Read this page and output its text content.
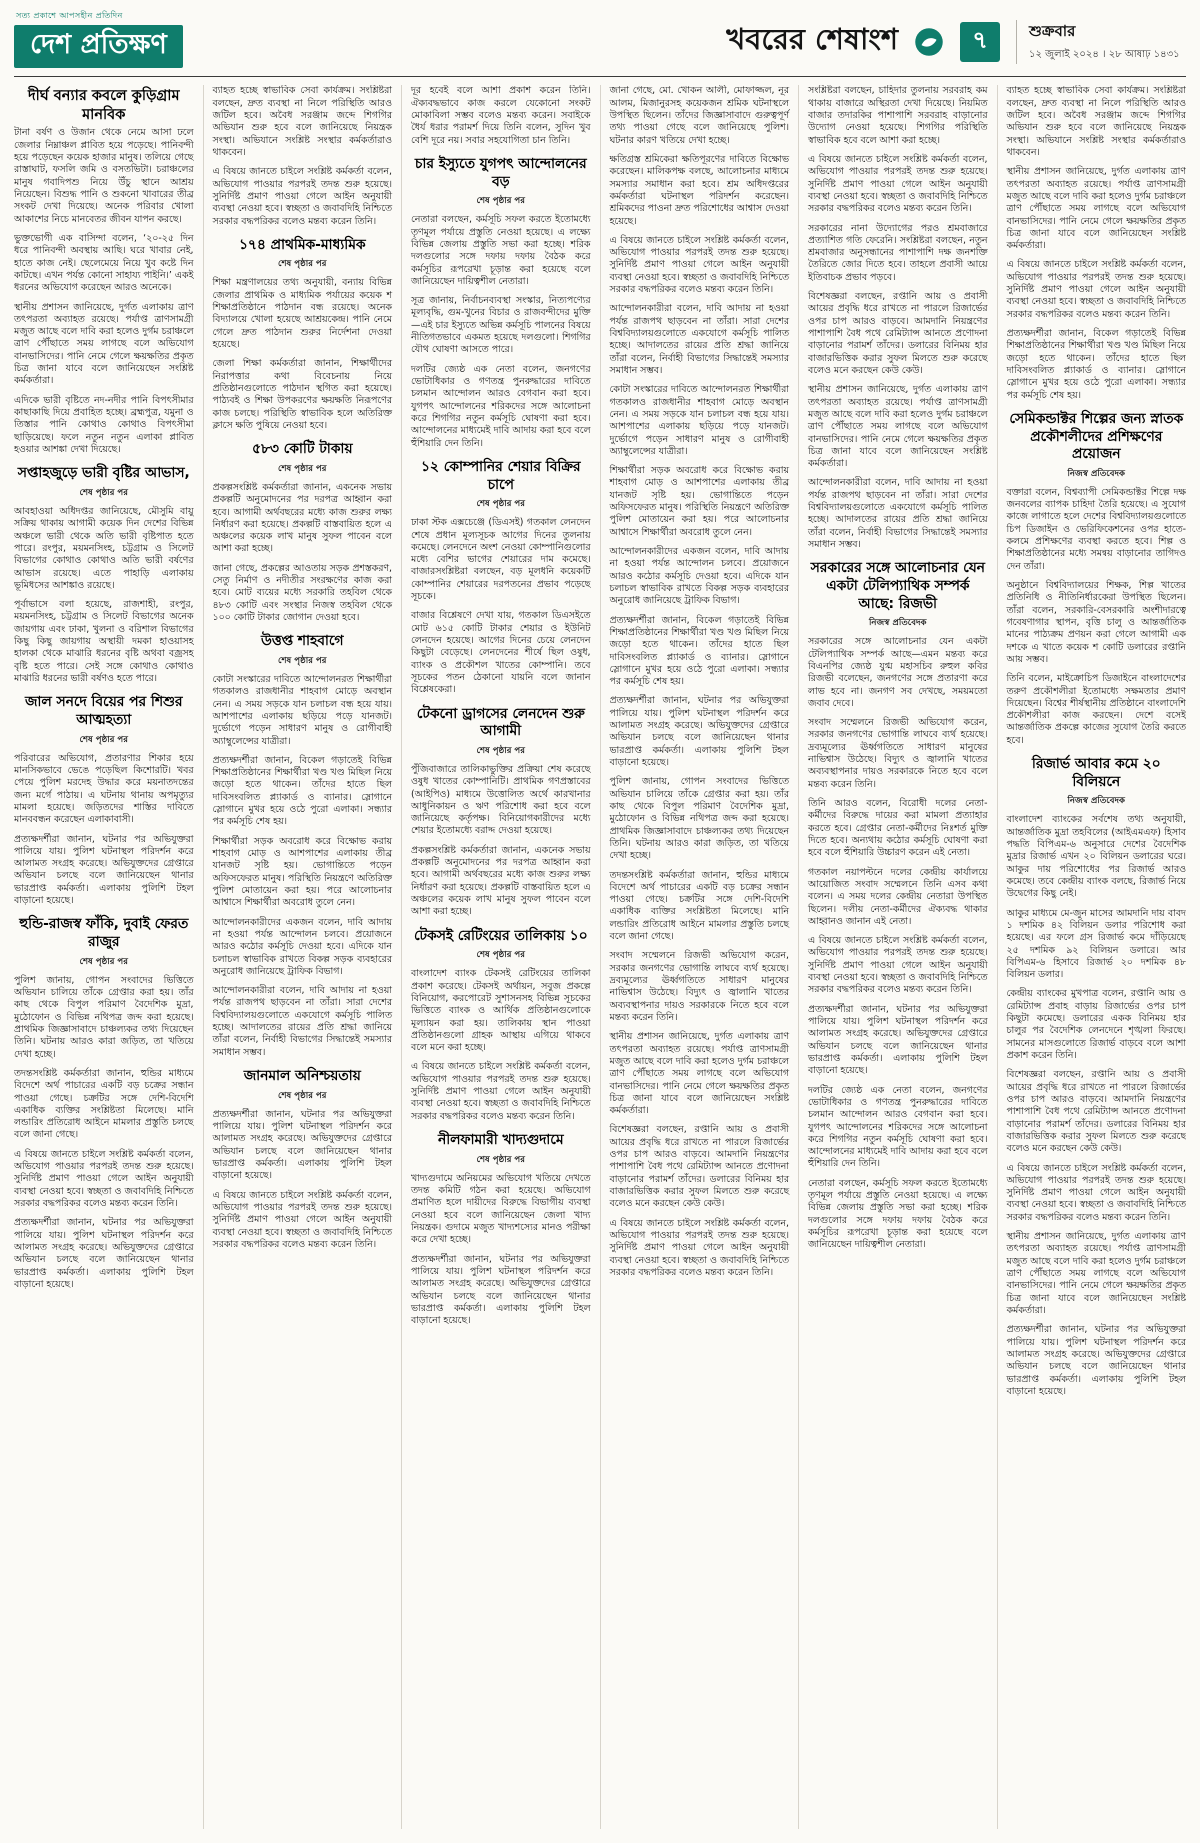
সত্য প্রকাশে আপসহীন প্রতিদিন
দেশ প্রতিক্ষণ	খবরের শেষাংশ	৭	শুক্রবার
১২ জুলাই ২০২৪ । ২৮ আষাঢ় ১৪৩১
দীর্ঘ বন্যার কবলে কুড়িগ্রাম মানবিক
টানা বর্ষণ ও উজান থেকে নেমে আসা ঢলে জেলার নিম্নাঞ্চল প্লাবিত হয়ে পড়েছে। পানিবন্দী হয়ে পড়েছেন কয়েক হাজার মানুষ। তলিয়ে গেছে রাস্তাঘাট, ফসলি জমি ও বসতভিটা। চরাঞ্চলের মানুষ গবাদিপশু নিয়ে উঁচু স্থানে আশ্রয় নিয়েছেন। বিশুদ্ধ পানি ও শুকনো খাবারের তীব্র সংকট দেখা দিয়েছে। অনেক পরিবার খোলা আকাশের নিচে মানবেতর জীবন যাপন করছে।
ভুক্তভোগী এক বাসিন্দা বলেন, ‘২০-২৫ দিন ধরে পানিবন্দী অবস্থায় আছি। ঘরে খাবার নেই, হাতে কাজ নেই। ছেলেমেয়ে নিয়ে খুব কষ্টে দিন কাটছে। এখন পর্যন্ত কোনো সাহায্য পাইনি।’ একই ধরনের অভিযোগ করেছেন আরও অনেকে।
স্থানীয় প্রশাসন জানিয়েছে, দুর্গত এলাকায় ত্রাণ তৎপরতা অব্যাহত রয়েছে। পর্যাপ্ত ত্রাণসামগ্রী মজুত আছে বলে দাবি করা হলেও দুর্গম চরাঞ্চলে ত্রাণ পৌঁছাতে সময় লাগছে বলে অভিযোগ বানভাসিদের। পানি নেমে গেলে ক্ষয়ক্ষতির প্রকৃত চিত্র জানা যাবে বলে জানিয়েছেন সংশ্লিষ্ট কর্মকর্তারা।
এদিকে ভারী বৃষ্টিতে নদ-নদীর পানি বিপৎসীমার কাছাকাছি দিয়ে প্রবাহিত হচ্ছে। ব্রহ্মপুত্র, যমুনা ও তিস্তার পানি কোথাও কোথাও বিপৎসীমা ছাড়িয়েছে। ফলে নতুন নতুন এলাকা প্লাবিত হওয়ার আশঙ্কা দেখা দিয়েছে।
সপ্তাহজুড়ে ভারী বৃষ্টির আভাস,
শেষ পৃষ্ঠার পর
আবহাওয়া অধিদপ্তর জানিয়েছে, মৌসুমি বায়ু সক্রিয় থাকায় আগামী কয়েক দিন দেশের বিভিন্ন অঞ্চলে ভারী থেকে অতি ভারী বৃষ্টিপাত হতে পারে। রংপুর, ময়মনসিংহ, চট্টগ্রাম ও সিলেট বিভাগের কোথাও কোথাও অতি ভারী বর্ষণের আভাস রয়েছে। এতে পাহাড়ি এলাকায় ভূমিধসের আশঙ্কাও রয়েছে।
পূর্বাভাসে বলা হয়েছে, রাজশাহী, রংপুর, ময়মনসিংহ, চট্টগ্রাম ও সিলেট বিভাগের অনেক জায়গায় এবং ঢাকা, খুলনা ও বরিশাল বিভাগের কিছু কিছু জায়গায় অস্থায়ী দমকা হাওয়াসহ হালকা থেকে মাঝারি ধরনের বৃষ্টি অথবা বজ্রসহ বৃষ্টি হতে পারে। সেই সঙ্গে কোথাও কোথাও মাঝারি ধরনের ভারী বর্ষণও হতে পারে।
জাল সনদে বিয়ের পর শিশুর আত্মহত্যা
শেষ পৃষ্ঠার পর
পরিবারের অভিযোগ, প্রতারণার শিকার হয়ে মানসিকভাবে ভেঙে পড়েছিল কিশোরটি। খবর পেয়ে পুলিশ মরদেহ উদ্ধার করে ময়নাতদন্তের জন্য মর্গে পাঠায়। এ ঘটনায় থানায় অপমৃত্যুর মামলা হয়েছে। জড়িতদের শাস্তির দাবিতে মানববন্ধন করেছেন এলাকাবাসী।
প্রত্যক্ষদর্শীরা জানান, ঘটনার পর অভিযুক্তরা পালিয়ে যায়। পুলিশ ঘটনাস্থল পরিদর্শন করে আলামত সংগ্রহ করেছে। অভিযুক্তদের গ্রেপ্তারে অভিযান চলছে বলে জানিয়েছেন থানার ভারপ্রাপ্ত কর্মকর্তা। এলাকায় পুলিশি টহল বাড়ানো হয়েছে।
হুন্ডি-রাজস্ব ফাঁকি, দুবাই ফেরত রাজুর
শেষ পৃষ্ঠার পর
পুলিশ জানায়, গোপন সংবাদের ভিত্তিতে অভিযান চালিয়ে তাঁকে গ্রেপ্তার করা হয়। তাঁর কাছ থেকে বিপুল পরিমাণ বৈদেশিক মুদ্রা, মুঠোফোন ও বিভিন্ন নথিপত্র জব্দ করা হয়েছে। প্রাথমিক জিজ্ঞাসাবাদে চাঞ্চল্যকর তথ্য দিয়েছেন তিনি। ঘটনায় আরও কারা জড়িত, তা খতিয়ে দেখা হচ্ছে।
তদন্তসংশ্লিষ্ট কর্মকর্তারা জানান, হুন্ডির মাধ্যমে বিদেশে অর্থ পাচারের একটি বড় চক্রের সন্ধান পাওয়া গেছে। চক্রটির সঙ্গে দেশি-বিদেশি একাধিক ব্যক্তির সংশ্লিষ্টতা মিলেছে। মানি লন্ডারিং প্রতিরোধ আইনে মামলার প্রস্তুতি চলছে বলে জানা গেছে।
এ বিষয়ে জানতে চাইলে সংশ্লিষ্ট কর্মকর্তা বলেন, অভিযোগ পাওয়ার পরপরই তদন্ত শুরু হয়েছে। সুনির্দিষ্ট প্রমাণ পাওয়া গেলে আইন অনুযায়ী ব্যবস্থা নেওয়া হবে। স্বচ্ছতা ও জবাবদিহি নিশ্চিতে সরকার বদ্ধপরিকর বলেও মন্তব্য করেন তিনি।
প্রত্যক্ষদর্শীরা জানান, ঘটনার পর অভিযুক্তরা পালিয়ে যায়। পুলিশ ঘটনাস্থল পরিদর্শন করে আলামত সংগ্রহ করেছে। অভিযুক্তদের গ্রেপ্তারে অভিযান চলছে বলে জানিয়েছেন থানার ভারপ্রাপ্ত কর্মকর্তা। এলাকায় পুলিশি টহল বাড়ানো হয়েছে।
ব্যাহত হচ্ছে স্বাভাবিক সেবা কার্যক্রম। সংশ্লিষ্টরা বলছেন, দ্রুত ব্যবস্থা না নিলে পরিস্থিতি আরও জটিল হবে। অবৈধ সরঞ্জাম জব্দে শিগগির অভিযান শুরু হবে বলে জানিয়েছে নিয়ন্ত্রক সংস্থা। অভিযানে সংশ্লিষ্ট সংস্থার কর্মকর্তারাও থাকবেন।
এ বিষয়ে জানতে চাইলে সংশ্লিষ্ট কর্মকর্তা বলেন, অভিযোগ পাওয়ার পরপরই তদন্ত শুরু হয়েছে। সুনির্দিষ্ট প্রমাণ পাওয়া গেলে আইন অনুযায়ী ব্যবস্থা নেওয়া হবে। স্বচ্ছতা ও জবাবদিহি নিশ্চিতে সরকার বদ্ধপরিকর বলেও মন্তব্য করেন তিনি।
১৭৪ প্রাথমিক-মাধ্যমিক
শেষ পৃষ্ঠার পর
শিক্ষা মন্ত্রণালয়ের তথ্য অনুযায়ী, বন্যায় বিভিন্ন জেলার প্রাথমিক ও মাধ্যমিক পর্যায়ের কয়েক শ শিক্ষাপ্রতিষ্ঠানে পাঠদান বন্ধ রয়েছে। অনেক বিদ্যালয়ে খোলা হয়েছে আশ্রয়কেন্দ্র। পানি নেমে গেলে দ্রুত পাঠদান শুরুর নির্দেশনা দেওয়া হয়েছে।
জেলা শিক্ষা কর্মকর্তারা জানান, শিক্ষার্থীদের নিরাপত্তার কথা বিবেচনায় নিয়ে প্রতিষ্ঠানগুলোতে পাঠদান স্থগিত করা হয়েছে। পাঠ্যবই ও শিক্ষা উপকরণের ক্ষয়ক্ষতি নিরূপণের কাজ চলছে। পরিস্থিতি স্বাভাবিক হলে অতিরিক্ত ক্লাসে ক্ষতি পুষিয়ে নেওয়া হবে।
৫৮৩ কোটি টাকায়
শেষ পৃষ্ঠার পর
প্রকল্পসংশ্লিষ্ট কর্মকর্তারা জানান, একনেক সভায় প্রকল্পটি অনুমোদনের পর দরপত্র আহ্বান করা হবে। আগামী অর্থবছরের মধ্যে কাজ শুরুর লক্ষ্য নির্ধারণ করা হয়েছে। প্রকল্পটি বাস্তবায়িত হলে এ অঞ্চলের কয়েক লাখ মানুষ সুফল পাবেন বলে আশা করা হচ্ছে।
জানা গেছে, প্রকল্পের আওতায় সড়ক প্রশস্তকরণ, সেতু নির্মাণ ও নদীতীর সংরক্ষণের কাজ করা হবে। মোট ব্যয়ের মধ্যে সরকারি তহবিল থেকে ৪৮৩ কোটি এবং সংস্থার নিজস্ব তহবিল থেকে ১০০ কোটি টাকার জোগান দেওয়া হবে।
উত্তপ্ত শাহবাগে
শেষ পৃষ্ঠার পর
কোটা সংস্কারের দাবিতে আন্দোলনরত শিক্ষার্থীরা গতকালও রাজধানীর শাহবাগ মোড়ে অবস্থান নেন। এ সময় সড়কে যান চলাচল বন্ধ হয়ে যায়। আশপাশের এলাকায় ছড়িয়ে পড়ে যানজট। দুর্ভোগে পড়েন সাধারণ মানুষ ও রোগীবাহী অ্যাম্বুলেন্সের যাত্রীরা।
প্রত্যক্ষদর্শীরা জানান, বিকেল গড়াতেই বিভিন্ন শিক্ষাপ্রতিষ্ঠানের শিক্ষার্থীরা খণ্ড খণ্ড মিছিল নিয়ে জড়ো হতে থাকেন। তাঁদের হাতে ছিল দাবিসংবলিত প্ল্যাকার্ড ও ব্যানার। স্লোগানে স্লোগানে মুখর হয়ে ওঠে পুরো এলাকা। সন্ধ্যার পর কর্মসূচি শেষ হয়।
শিক্ষার্থীরা সড়ক অবরোধ করে বিক্ষোভ করায় শাহবাগ মোড় ও আশপাশের এলাকায় তীব্র যানজট সৃষ্টি হয়। ভোগান্তিতে পড়েন অফিসফেরত মানুষ। পরিস্থিতি নিয়ন্ত্রণে অতিরিক্ত পুলিশ মোতায়েন করা হয়। পরে আলোচনার আশ্বাসে শিক্ষার্থীরা অবরোধ তুলে নেন।
আন্দোলনকারীদের একজন বলেন, দাবি আদায় না হওয়া পর্যন্ত আন্দোলন চলবে। প্রয়োজনে আরও কঠোর কর্মসূচি দেওয়া হবে। এদিকে যান চলাচল স্বাভাবিক রাখতে বিকল্প সড়ক ব্যবহারের অনুরোধ জানিয়েছে ট্রাফিক বিভাগ।
আন্দোলনকারীরা বলেন, দাবি আদায় না হওয়া পর্যন্ত রাজপথ ছাড়বেন না তাঁরা। সারা দেশের বিশ্ববিদ্যালয়গুলোতে একযোগে কর্মসূচি পালিত হচ্ছে। আদালতের রায়ের প্রতি শ্রদ্ধা জানিয়ে তাঁরা বলেন, নির্বাহী বিভাগের সিদ্ধান্তেই সমস্যার সমাধান সম্ভব।
জানমাল অনিশ্চয়তায়
শেষ পৃষ্ঠার পর
প্রত্যক্ষদর্শীরা জানান, ঘটনার পর অভিযুক্তরা পালিয়ে যায়। পুলিশ ঘটনাস্থল পরিদর্শন করে আলামত সংগ্রহ করেছে। অভিযুক্তদের গ্রেপ্তারে অভিযান চলছে বলে জানিয়েছেন থানার ভারপ্রাপ্ত কর্মকর্তা। এলাকায় পুলিশি টহল বাড়ানো হয়েছে।
এ বিষয়ে জানতে চাইলে সংশ্লিষ্ট কর্মকর্তা বলেন, অভিযোগ পাওয়ার পরপরই তদন্ত শুরু হয়েছে। সুনির্দিষ্ট প্রমাণ পাওয়া গেলে আইন অনুযায়ী ব্যবস্থা নেওয়া হবে। স্বচ্ছতা ও জবাবদিহি নিশ্চিতে সরকার বদ্ধপরিকর বলেও মন্তব্য করেন তিনি।
দূর হবেই বলে আশা প্রকাশ করেন তিনি। ঐক্যবদ্ধভাবে কাজ করলে যেকোনো সংকট মোকাবিলা সম্ভব বলেও মন্তব্য করেন। সবাইকে ধৈর্য ধরার পরামর্শ দিয়ে তিনি বলেন, সুদিন খুব বেশি দূরে নয়। সবার সহযোগিতা চান তিনি।
চার ইস্যুতে যুগপৎ আন্দোলনের বড়
শেষ পৃষ্ঠার পর
নেতারা বলছেন, কর্মসূচি সফল করতে ইতোমধ্যে তৃণমূল পর্যায়ে প্রস্তুতি নেওয়া হয়েছে। এ লক্ষ্যে বিভিন্ন জেলায় প্রস্তুতি সভা করা হচ্ছে। শরিক দলগুলোর সঙ্গে দফায় দফায় বৈঠক করে কর্মসূচির রূপরেখা চূড়ান্ত করা হয়েছে বলে জানিয়েছেন দায়িত্বশীল নেতারা।
সূত্র জানায়, নির্বাচনব্যবস্থা সংস্কার, নিত্যপণ্যের মূল্যবৃদ্ধি, গুম-খুনের বিচার ও রাজবন্দীদের মুক্তি—এই চার ইস্যুতে অভিন্ন কর্মসূচি পালনের বিষয়ে নীতিগতভাবে একমত হয়েছে দলগুলো। শিগগির যৌথ ঘোষণা আসতে পারে।
দলটির জ্যেষ্ঠ এক নেতা বলেন, জনগণের ভোটাধিকার ও গণতন্ত্র পুনরুদ্ধারের দাবিতে চলমান আন্দোলন আরও বেগবান করা হবে। যুগপৎ আন্দোলনের শরিকদের সঙ্গে আলোচনা করে শিগগির নতুন কর্মসূচি ঘোষণা করা হবে। আন্দোলনের মাধ্যমেই দাবি আদায় করা হবে বলে হুঁশিয়ারি দেন তিনি।
১২ কোম্পানির শেয়ার বিক্রির চাপে
শেষ পৃষ্ঠার পর
ঢাকা স্টক এক্সচেঞ্জে (ডিএসই) গতকাল লেনদেন শেষে প্রধান মূল্যসূচক আগের দিনের তুলনায় কমেছে। লেনদেনে অংশ নেওয়া কোম্পানিগুলোর মধ্যে বেশির ভাগের শেয়ারের দাম কমেছে। বাজারসংশ্লিষ্টরা বলছেন, বড় মূলধনি কয়েকটি কোম্পানির শেয়ারের দরপতনের প্রভাব পড়েছে সূচকে।
বাজার বিশ্লেষণে দেখা যায়, গতকাল ডিএসইতে মোট ৬১৫ কোটি টাকার শেয়ার ও ইউনিট লেনদেন হয়েছে। আগের দিনের চেয়ে লেনদেন কিছুটা বেড়েছে। লেনদেনের শীর্ষে ছিল ওষুধ, ব্যাংক ও প্রকৌশল খাতের কোম্পানি। তবে সূচকের পতন ঠেকানো যায়নি বলে জানান বিশ্লেষকেরা।
টেকনো ড্রাগসের লেনদেন শুরু আগামী
শেষ পৃষ্ঠার পর
পুঁজিবাজারে তালিকাভুক্তির প্রক্রিয়া শেষ করেছে ওষুধ খাতের কোম্পানিটি। প্রাথমিক গণপ্রস্তাবের (আইপিও) মাধ্যমে উত্তোলিত অর্থে কারখানার আধুনিকায়ন ও ঋণ পরিশোধ করা হবে বলে জানিয়েছে কর্তৃপক্ষ। বিনিয়োগকারীদের মধ্যে শেয়ার ইতোমধ্যে বরাদ্দ দেওয়া হয়েছে।
প্রকল্পসংশ্লিষ্ট কর্মকর্তারা জানান, একনেক সভায় প্রকল্পটি অনুমোদনের পর দরপত্র আহ্বান করা হবে। আগামী অর্থবছরের মধ্যে কাজ শুরুর লক্ষ্য নির্ধারণ করা হয়েছে। প্রকল্পটি বাস্তবায়িত হলে এ অঞ্চলের কয়েক লাখ মানুষ সুফল পাবেন বলে আশা করা হচ্ছে।
টেকসই রেটিংয়ের তালিকায় ১০
শেষ পৃষ্ঠার পর
বাংলাদেশ ব্যাংক টেকসই রেটিংয়ের তালিকা প্রকাশ করেছে। টেকসই অর্থায়ন, সবুজ প্রকল্পে বিনিয়োগ, করপোরেট সুশাসনসহ বিভিন্ন সূচকের ভিত্তিতে ব্যাংক ও আর্থিক প্রতিষ্ঠানগুলোকে মূল্যায়ন করা হয়। তালিকায় স্থান পাওয়া প্রতিষ্ঠানগুলো গ্রাহক আস্থায় এগিয়ে থাকবে বলে মনে করা হচ্ছে।
এ বিষয়ে জানতে চাইলে সংশ্লিষ্ট কর্মকর্তা বলেন, অভিযোগ পাওয়ার পরপরই তদন্ত শুরু হয়েছে। সুনির্দিষ্ট প্রমাণ পাওয়া গেলে আইন অনুযায়ী ব্যবস্থা নেওয়া হবে। স্বচ্ছতা ও জবাবদিহি নিশ্চিতে সরকার বদ্ধপরিকর বলেও মন্তব্য করেন তিনি।
নীলফামারী খাদ্যগুদামে
শেষ পৃষ্ঠার পর
খাদ্যগুদামে অনিয়মের অভিযোগ খতিয়ে দেখতে তদন্ত কমিটি গঠন করা হয়েছে। অভিযোগ প্রমাণিত হলে দায়ীদের বিরুদ্ধে বিভাগীয় ব্যবস্থা নেওয়া হবে বলে জানিয়েছেন জেলা খাদ্য নিয়ন্ত্রক। গুদামে মজুত খাদ্যশস্যের মানও পরীক্ষা করে দেখা হচ্ছে।
প্রত্যক্ষদর্শীরা জানান, ঘটনার পর অভিযুক্তরা পালিয়ে যায়। পুলিশ ঘটনাস্থল পরিদর্শন করে আলামত সংগ্রহ করেছে। অভিযুক্তদের গ্রেপ্তারে অভিযান চলছে বলে জানিয়েছেন থানার ভারপ্রাপ্ত কর্মকর্তা। এলাকায় পুলিশি টহল বাড়ানো হয়েছে।
জানা গেছে, মো. খোকন আলী, মোফাজ্জল, নূর আলম, মিজানুরসহ কয়েকজন শ্রমিক ঘটনাস্থলে উপস্থিত ছিলেন। তাঁদের জিজ্ঞাসাবাদে গুরুত্বপূর্ণ তথ্য পাওয়া গেছে বলে জানিয়েছে পুলিশ। ঘটনার কারণ খতিয়ে দেখা হচ্ছে।
ক্ষতিগ্রস্ত শ্রমিকেরা ক্ষতিপূরণের দাবিতে বিক্ষোভ করেছেন। মালিকপক্ষ বলছে, আলোচনার মাধ্যমে সমস্যার সমাধান করা হবে। শ্রম অধিদপ্তরের কর্মকর্তারা ঘটনাস্থল পরিদর্শন করেছেন। শ্রমিকদের পাওনা দ্রুত পরিশোধের আশ্বাস দেওয়া হয়েছে।
এ বিষয়ে জানতে চাইলে সংশ্লিষ্ট কর্মকর্তা বলেন, অভিযোগ পাওয়ার পরপরই তদন্ত শুরু হয়েছে। সুনির্দিষ্ট প্রমাণ পাওয়া গেলে আইন অনুযায়ী ব্যবস্থা নেওয়া হবে। স্বচ্ছতা ও জবাবদিহি নিশ্চিতে সরকার বদ্ধপরিকর বলেও মন্তব্য করেন তিনি।
আন্দোলনকারীরা বলেন, দাবি আদায় না হওয়া পর্যন্ত রাজপথ ছাড়বেন না তাঁরা। সারা দেশের বিশ্ববিদ্যালয়গুলোতে একযোগে কর্মসূচি পালিত হচ্ছে। আদালতের রায়ের প্রতি শ্রদ্ধা জানিয়ে তাঁরা বলেন, নির্বাহী বিভাগের সিদ্ধান্তেই সমস্যার সমাধান সম্ভব।
কোটা সংস্কারের দাবিতে আন্দোলনরত শিক্ষার্থীরা গতকালও রাজধানীর শাহবাগ মোড়ে অবস্থান নেন। এ সময় সড়কে যান চলাচল বন্ধ হয়ে যায়। আশপাশের এলাকায় ছড়িয়ে পড়ে যানজট। দুর্ভোগে পড়েন সাধারণ মানুষ ও রোগীবাহী অ্যাম্বুলেন্সের যাত্রীরা।
শিক্ষার্থীরা সড়ক অবরোধ করে বিক্ষোভ করায় শাহবাগ মোড় ও আশপাশের এলাকায় তীব্র যানজট সৃষ্টি হয়। ভোগান্তিতে পড়েন অফিসফেরত মানুষ। পরিস্থিতি নিয়ন্ত্রণে অতিরিক্ত পুলিশ মোতায়েন করা হয়। পরে আলোচনার আশ্বাসে শিক্ষার্থীরা অবরোধ তুলে নেন।
আন্দোলনকারীদের একজন বলেন, দাবি আদায় না হওয়া পর্যন্ত আন্দোলন চলবে। প্রয়োজনে আরও কঠোর কর্মসূচি দেওয়া হবে। এদিকে যান চলাচল স্বাভাবিক রাখতে বিকল্প সড়ক ব্যবহারের অনুরোধ জানিয়েছে ট্রাফিক বিভাগ।
প্রত্যক্ষদর্শীরা জানান, বিকেল গড়াতেই বিভিন্ন শিক্ষাপ্রতিষ্ঠানের শিক্ষার্থীরা খণ্ড খণ্ড মিছিল নিয়ে জড়ো হতে থাকেন। তাঁদের হাতে ছিল দাবিসংবলিত প্ল্যাকার্ড ও ব্যানার। স্লোগানে স্লোগানে মুখর হয়ে ওঠে পুরো এলাকা। সন্ধ্যার পর কর্মসূচি শেষ হয়।
প্রত্যক্ষদর্শীরা জানান, ঘটনার পর অভিযুক্তরা পালিয়ে যায়। পুলিশ ঘটনাস্থল পরিদর্শন করে আলামত সংগ্রহ করেছে। অভিযুক্তদের গ্রেপ্তারে অভিযান চলছে বলে জানিয়েছেন থানার ভারপ্রাপ্ত কর্মকর্তা। এলাকায় পুলিশি টহল বাড়ানো হয়েছে।
পুলিশ জানায়, গোপন সংবাদের ভিত্তিতে অভিযান চালিয়ে তাঁকে গ্রেপ্তার করা হয়। তাঁর কাছ থেকে বিপুল পরিমাণ বৈদেশিক মুদ্রা, মুঠোফোন ও বিভিন্ন নথিপত্র জব্দ করা হয়েছে। প্রাথমিক জিজ্ঞাসাবাদে চাঞ্চল্যকর তথ্য দিয়েছেন তিনি। ঘটনায় আরও কারা জড়িত, তা খতিয়ে দেখা হচ্ছে।
তদন্তসংশ্লিষ্ট কর্মকর্তারা জানান, হুন্ডির মাধ্যমে বিদেশে অর্থ পাচারের একটি বড় চক্রের সন্ধান পাওয়া গেছে। চক্রটির সঙ্গে দেশি-বিদেশি একাধিক ব্যক্তির সংশ্লিষ্টতা মিলেছে। মানি লন্ডারিং প্রতিরোধ আইনে মামলার প্রস্তুতি চলছে বলে জানা গেছে।
সংবাদ সম্মেলনে রিজভী অভিযোগ করেন, সরকার জনগণের ভোগান্তি লাঘবে ব্যর্থ হয়েছে। দ্রব্যমূল্যের ঊর্ধ্বগতিতে সাধারণ মানুষের নাভিশ্বাস উঠেছে। বিদ্যুৎ ও জ্বালানি খাতের অব্যবস্থাপনার দায়ও সরকারকে নিতে হবে বলে মন্তব্য করেন তিনি।
স্থানীয় প্রশাসন জানিয়েছে, দুর্গত এলাকায় ত্রাণ তৎপরতা অব্যাহত রয়েছে। পর্যাপ্ত ত্রাণসামগ্রী মজুত আছে বলে দাবি করা হলেও দুর্গম চরাঞ্চলে ত্রাণ পৌঁছাতে সময় লাগছে বলে অভিযোগ বানভাসিদের। পানি নেমে গেলে ক্ষয়ক্ষতির প্রকৃত চিত্র জানা যাবে বলে জানিয়েছেন সংশ্লিষ্ট কর্মকর্তারা।
বিশেষজ্ঞরা বলছেন, রপ্তানি আয় ও প্রবাসী আয়ের প্রবৃদ্ধি ধরে রাখতে না পারলে রিজার্ভের ওপর চাপ আরও বাড়বে। আমদানি নিয়ন্ত্রণের পাশাপাশি বৈধ পথে রেমিট্যান্স আনতে প্রণোদনা বাড়ানোর পরামর্শ তাঁদের। ডলারের বিনিময় হার বাজারভিত্তিক করার সুফল মিলতে শুরু করেছে বলেও মনে করছেন কেউ কেউ।
এ বিষয়ে জানতে চাইলে সংশ্লিষ্ট কর্মকর্তা বলেন, অভিযোগ পাওয়ার পরপরই তদন্ত শুরু হয়েছে। সুনির্দিষ্ট প্রমাণ পাওয়া গেলে আইন অনুযায়ী ব্যবস্থা নেওয়া হবে। স্বচ্ছতা ও জবাবদিহি নিশ্চিতে সরকার বদ্ধপরিকর বলেও মন্তব্য করেন তিনি।
সংশ্লিষ্টরা বলছেন, চাহিদার তুলনায় সরবরাহ কম থাকায় বাজারে অস্থিরতা দেখা দিয়েছে। নিয়মিত বাজার তদারকির পাশাপাশি সরবরাহ বাড়ানোর উদ্যোগ নেওয়া হয়েছে। শিগগির পরিস্থিতি স্বাভাবিক হবে বলে আশা করা হচ্ছে।
এ বিষয়ে জানতে চাইলে সংশ্লিষ্ট কর্মকর্তা বলেন, অভিযোগ পাওয়ার পরপরই তদন্ত শুরু হয়েছে। সুনির্দিষ্ট প্রমাণ পাওয়া গেলে আইন অনুযায়ী ব্যবস্থা নেওয়া হবে। স্বচ্ছতা ও জবাবদিহি নিশ্চিতে সরকার বদ্ধপরিকর বলেও মন্তব্য করেন তিনি।
সরকারের নানা উদ্যোগের পরও শ্রমবাজারে প্রত্যাশিত গতি ফেরেনি। সংশ্লিষ্টরা বলছেন, নতুন শ্রমবাজার অনুসন্ধানের পাশাপাশি দক্ষ জনশক্তি তৈরিতে জোর দিতে হবে। তাহলে প্রবাসী আয়ে ইতিবাচক প্রভাব পড়বে।
বিশেষজ্ঞরা বলছেন, রপ্তানি আয় ও প্রবাসী আয়ের প্রবৃদ্ধি ধরে রাখতে না পারলে রিজার্ভের ওপর চাপ আরও বাড়বে। আমদানি নিয়ন্ত্রণের পাশাপাশি বৈধ পথে রেমিট্যান্স আনতে প্রণোদনা বাড়ানোর পরামর্শ তাঁদের। ডলারের বিনিময় হার বাজারভিত্তিক করার সুফল মিলতে শুরু করেছে বলেও মনে করছেন কেউ কেউ।
স্থানীয় প্রশাসন জানিয়েছে, দুর্গত এলাকায় ত্রাণ তৎপরতা অব্যাহত রয়েছে। পর্যাপ্ত ত্রাণসামগ্রী মজুত আছে বলে দাবি করা হলেও দুর্গম চরাঞ্চলে ত্রাণ পৌঁছাতে সময় লাগছে বলে অভিযোগ বানভাসিদের। পানি নেমে গেলে ক্ষয়ক্ষতির প্রকৃত চিত্র জানা যাবে বলে জানিয়েছেন সংশ্লিষ্ট কর্মকর্তারা।
আন্দোলনকারীরা বলেন, দাবি আদায় না হওয়া পর্যন্ত রাজপথ ছাড়বেন না তাঁরা। সারা দেশের বিশ্ববিদ্যালয়গুলোতে একযোগে কর্মসূচি পালিত হচ্ছে। আদালতের রায়ের প্রতি শ্রদ্ধা জানিয়ে তাঁরা বলেন, নির্বাহী বিভাগের সিদ্ধান্তেই সমস্যার সমাধান সম্ভব।
সরকারের সঙ্গে আলোচনার যেন একটা টেলিপ্যাথিক সম্পর্ক আছে: রিজভী
নিজস্ব প্রতিবেদক
সরকারের সঙ্গে আলোচনার যেন একটা টেলিপ্যাথিক সম্পর্ক আছে—এমন মন্তব্য করে বিএনপির জ্যেষ্ঠ যুগ্ম মহাসচিব রুহুল কবির রিজভী বলেছেন, জনগণের সঙ্গে প্রতারণা করে লাভ হবে না। জনগণ সব দেখছে, সময়মতো জবাব দেবে।
সংবাদ সম্মেলনে রিজভী অভিযোগ করেন, সরকার জনগণের ভোগান্তি লাঘবে ব্যর্থ হয়েছে। দ্রব্যমূল্যের ঊর্ধ্বগতিতে সাধারণ মানুষের নাভিশ্বাস উঠেছে। বিদ্যুৎ ও জ্বালানি খাতের অব্যবস্থাপনার দায়ও সরকারকে নিতে হবে বলে মন্তব্য করেন তিনি।
তিনি আরও বলেন, বিরোধী দলের নেতা-কর্মীদের বিরুদ্ধে দায়ের করা মামলা প্রত্যাহার করতে হবে। গ্রেপ্তার নেতা-কর্মীদের নিঃশর্ত মুক্তি দিতে হবে। অন্যথায় কঠোর কর্মসূচি ঘোষণা করা হবে বলে হুঁশিয়ারি উচ্চারণ করেন এই নেতা।
গতকাল নয়াপল্টনে দলের কেন্দ্রীয় কার্যালয়ে আয়োজিত সংবাদ সম্মেলনে তিনি এসব কথা বলেন। এ সময় দলের কেন্দ্রীয় নেতারা উপস্থিত ছিলেন। দলীয় নেতা-কর্মীদের ঐক্যবদ্ধ থাকার আহ্বানও জানান এই নেতা।
এ বিষয়ে জানতে চাইলে সংশ্লিষ্ট কর্মকর্তা বলেন, অভিযোগ পাওয়ার পরপরই তদন্ত শুরু হয়েছে। সুনির্দিষ্ট প্রমাণ পাওয়া গেলে আইন অনুযায়ী ব্যবস্থা নেওয়া হবে। স্বচ্ছতা ও জবাবদিহি নিশ্চিতে সরকার বদ্ধপরিকর বলেও মন্তব্য করেন তিনি।
প্রত্যক্ষদর্শীরা জানান, ঘটনার পর অভিযুক্তরা পালিয়ে যায়। পুলিশ ঘটনাস্থল পরিদর্শন করে আলামত সংগ্রহ করেছে। অভিযুক্তদের গ্রেপ্তারে অভিযান চলছে বলে জানিয়েছেন থানার ভারপ্রাপ্ত কর্মকর্তা। এলাকায় পুলিশি টহল বাড়ানো হয়েছে।
দলটির জ্যেষ্ঠ এক নেতা বলেন, জনগণের ভোটাধিকার ও গণতন্ত্র পুনরুদ্ধারের দাবিতে চলমান আন্দোলন আরও বেগবান করা হবে। যুগপৎ আন্দোলনের শরিকদের সঙ্গে আলোচনা করে শিগগির নতুন কর্মসূচি ঘোষণা করা হবে। আন্দোলনের মাধ্যমেই দাবি আদায় করা হবে বলে হুঁশিয়ারি দেন তিনি।
নেতারা বলছেন, কর্মসূচি সফল করতে ইতোমধ্যে তৃণমূল পর্যায়ে প্রস্তুতি নেওয়া হয়েছে। এ লক্ষ্যে বিভিন্ন জেলায় প্রস্তুতি সভা করা হচ্ছে। শরিক দলগুলোর সঙ্গে দফায় দফায় বৈঠক করে কর্মসূচির রূপরেখা চূড়ান্ত করা হয়েছে বলে জানিয়েছেন দায়িত্বশীল নেতারা।
ব্যাহত হচ্ছে স্বাভাবিক সেবা কার্যক্রম। সংশ্লিষ্টরা বলছেন, দ্রুত ব্যবস্থা না নিলে পরিস্থিতি আরও জটিল হবে। অবৈধ সরঞ্জাম জব্দে শিগগির অভিযান শুরু হবে বলে জানিয়েছে নিয়ন্ত্রক সংস্থা। অভিযানে সংশ্লিষ্ট সংস্থার কর্মকর্তারাও থাকবেন।
স্থানীয় প্রশাসন জানিয়েছে, দুর্গত এলাকায় ত্রাণ তৎপরতা অব্যাহত রয়েছে। পর্যাপ্ত ত্রাণসামগ্রী মজুত আছে বলে দাবি করা হলেও দুর্গম চরাঞ্চলে ত্রাণ পৌঁছাতে সময় লাগছে বলে অভিযোগ বানভাসিদের। পানি নেমে গেলে ক্ষয়ক্ষতির প্রকৃত চিত্র জানা যাবে বলে জানিয়েছেন সংশ্লিষ্ট কর্মকর্তারা।
এ বিষয়ে জানতে চাইলে সংশ্লিষ্ট কর্মকর্তা বলেন, অভিযোগ পাওয়ার পরপরই তদন্ত শুরু হয়েছে। সুনির্দিষ্ট প্রমাণ পাওয়া গেলে আইন অনুযায়ী ব্যবস্থা নেওয়া হবে। স্বচ্ছতা ও জবাবদিহি নিশ্চিতে সরকার বদ্ধপরিকর বলেও মন্তব্য করেন তিনি।
প্রত্যক্ষদর্শীরা জানান, বিকেল গড়াতেই বিভিন্ন শিক্ষাপ্রতিষ্ঠানের শিক্ষার্থীরা খণ্ড খণ্ড মিছিল নিয়ে জড়ো হতে থাকেন। তাঁদের হাতে ছিল দাবিসংবলিত প্ল্যাকার্ড ও ব্যানার। স্লোগানে স্লোগানে মুখর হয়ে ওঠে পুরো এলাকা। সন্ধ্যার পর কর্মসূচি শেষ হয়।
সেমিকন্ডাক্টর শিল্পের জন্য স্নাতক প্রকৌশলীদের প্রশিক্ষণের প্রয়োজন
নিজস্ব প্রতিবেদক
বক্তারা বলেন, বিশ্বব্যাপী সেমিকন্ডাক্টর শিল্পে দক্ষ জনবলের ব্যাপক চাহিদা তৈরি হয়েছে। এ সুযোগ কাজে লাগাতে হলে দেশের বিশ্ববিদ্যালয়গুলোতে চিপ ডিজাইন ও ভেরিফিকেশনের ওপর হাতে-কলমে প্রশিক্ষণের ব্যবস্থা করতে হবে। শিল্প ও শিক্ষাপ্রতিষ্ঠানের মধ্যে সমন্বয় বাড়ানোর তাগিদও দেন তাঁরা।
অনুষ্ঠানে বিশ্ববিদ্যালয়ের শিক্ষক, শিল্প খাতের প্রতিনিধি ও নীতিনির্ধারকেরা উপস্থিত ছিলেন। তাঁরা বলেন, সরকারি-বেসরকারি অংশীদারত্বে গবেষণাগার স্থাপন, বৃত্তি চালু ও আন্তর্জাতিক মানের পাঠ্যক্রম প্রণয়ন করা গেলে আগামী এক দশকে এ খাতে কয়েক শ কোটি ডলারের রপ্তানি আয় সম্ভব।
তিনি বলেন, মাইক্রোচিপ ডিজাইনে বাংলাদেশের তরুণ প্রকৌশলীরা ইতোমধ্যে সক্ষমতার প্রমাণ দিয়েছেন। বিশ্বের শীর্ষস্থানীয় প্রতিষ্ঠানে বাংলাদেশি প্রকৌশলীরা কাজ করছেন। দেশে বসেই আন্তর্জাতিক প্রকল্পে কাজের সুযোগ তৈরি করতে হবে।
রিজার্ভ আবার কমে ২০ বিলিয়নে
নিজস্ব প্রতিবেদক
বাংলাদেশ ব্যাংকের সর্বশেষ তথ্য অনুযায়ী, আন্তর্জাতিক মুদ্রা তহবিলের (আইএমএফ) হিসাব পদ্ধতি বিপিএম-৬ অনুসারে দেশের বৈদেশিক মুদ্রার রিজার্ভ এখন ২০ বিলিয়ন ডলারের ঘরে। আকুর দায় পরিশোধের পর রিজার্ভ আরও কমেছে। তবে কেন্দ্রীয় ব্যাংক বলছে, রিজার্ভ নিয়ে উদ্বেগের কিছু নেই।
আকুর মাধ্যমে মে-জুন মাসের আমদানি দায় বাবদ ১ দশমিক ৪২ বিলিয়ন ডলার পরিশোধ করা হয়েছে। এর ফলে গ্রস রিজার্ভ কমে দাঁড়িয়েছে ২৫ দশমিক ৯২ বিলিয়ন ডলারে। আর বিপিএম-৬ হিসাবে রিজার্ভ ২০ দশমিক ৪৮ বিলিয়ন ডলার।
কেন্দ্রীয় ব্যাংকের মুখপাত্র বলেন, রপ্তানি আয় ও রেমিট্যান্স প্রবাহ বাড়ায় রিজার্ভের ওপর চাপ কিছুটা কমেছে। ডলারের একক বিনিময় হার চালুর পর বৈদেশিক লেনদেনে শৃঙ্খলা ফিরছে। সামনের মাসগুলোতে রিজার্ভ বাড়বে বলে আশা প্রকাশ করেন তিনি।
বিশেষজ্ঞরা বলছেন, রপ্তানি আয় ও প্রবাসী আয়ের প্রবৃদ্ধি ধরে রাখতে না পারলে রিজার্ভের ওপর চাপ আরও বাড়বে। আমদানি নিয়ন্ত্রণের পাশাপাশি বৈধ পথে রেমিট্যান্স আনতে প্রণোদনা বাড়ানোর পরামর্শ তাঁদের। ডলারের বিনিময় হার বাজারভিত্তিক করার সুফল মিলতে শুরু করেছে বলেও মনে করছেন কেউ কেউ।
এ বিষয়ে জানতে চাইলে সংশ্লিষ্ট কর্মকর্তা বলেন, অভিযোগ পাওয়ার পরপরই তদন্ত শুরু হয়েছে। সুনির্দিষ্ট প্রমাণ পাওয়া গেলে আইন অনুযায়ী ব্যবস্থা নেওয়া হবে। স্বচ্ছতা ও জবাবদিহি নিশ্চিতে সরকার বদ্ধপরিকর বলেও মন্তব্য করেন তিনি।
স্থানীয় প্রশাসন জানিয়েছে, দুর্গত এলাকায় ত্রাণ তৎপরতা অব্যাহত রয়েছে। পর্যাপ্ত ত্রাণসামগ্রী মজুত আছে বলে দাবি করা হলেও দুর্গম চরাঞ্চলে ত্রাণ পৌঁছাতে সময় লাগছে বলে অভিযোগ বানভাসিদের। পানি নেমে গেলে ক্ষয়ক্ষতির প্রকৃত চিত্র জানা যাবে বলে জানিয়েছেন সংশ্লিষ্ট কর্মকর্তারা।
প্রত্যক্ষদর্শীরা জানান, ঘটনার পর অভিযুক্তরা পালিয়ে যায়। পুলিশ ঘটনাস্থল পরিদর্শন করে আলামত সংগ্রহ করেছে। অভিযুক্তদের গ্রেপ্তারে অভিযান চলছে বলে জানিয়েছেন থানার ভারপ্রাপ্ত কর্মকর্তা। এলাকায় পুলিশি টহল বাড়ানো হয়েছে।
